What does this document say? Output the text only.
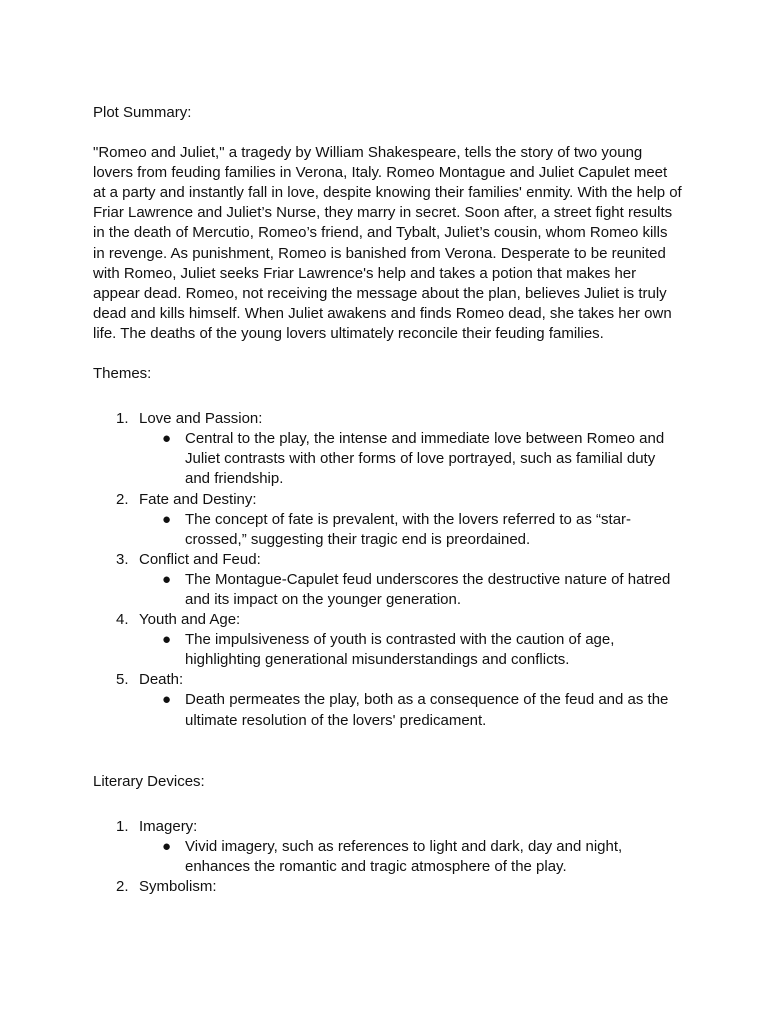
Plot Summary:

"Romeo and Juliet," a tragedy by William Shakespeare, tells the story of two young lovers from feuding families in Verona, Italy. Romeo Montague and Juliet Capulet meet at a party and instantly fall in love, despite knowing their families' enmity. With the help of Friar Lawrence and Juliet’s Nurse, they marry in secret. Soon after, a street fight results in the death of Mercutio, Romeo’s friend, and Tybalt, Juliet’s cousin, whom Romeo kills in revenge. As punishment, Romeo is banished from Verona. Desperate to be reunited with Romeo, Juliet seeks Friar Lawrence's help and takes a potion that makes her appear dead. Romeo, not receiving the message about the plan, believes Juliet is truly dead and kills himself. When Juliet awakens and finds Romeo dead, she takes her own life. The deaths of the young lovers ultimately reconcile their feuding families.

Themes:

1. Love and Passion:

● Central to the play, the intense and immediate love between Romeo and Juliet contrasts with other forms of love portrayed, such as familial duty and friendship.
2. Fate and Destiny:

● The concept of fate is prevalent, with the lovers referred to as “star-crossed,” suggesting their tragic end is preordained.
3. Conflict and Feud:

● The Montague-Capulet feud underscores the destructive nature of hatred and its impact on the younger generation.
4. Youth and Age:

● The impulsiveness of youth is contrasted with the caution of age, highlighting generational misunderstandings and conflicts.
5. Death:

● Death permeates the play, both as a consequence of the feud and as the ultimate resolution of the lovers' predicament.

Literary Devices:

1. Imagery:

● Vivid imagery, such as references to light and dark, day and night, enhances the romantic and tragic atmosphere of the play.
2. Symbolism:
